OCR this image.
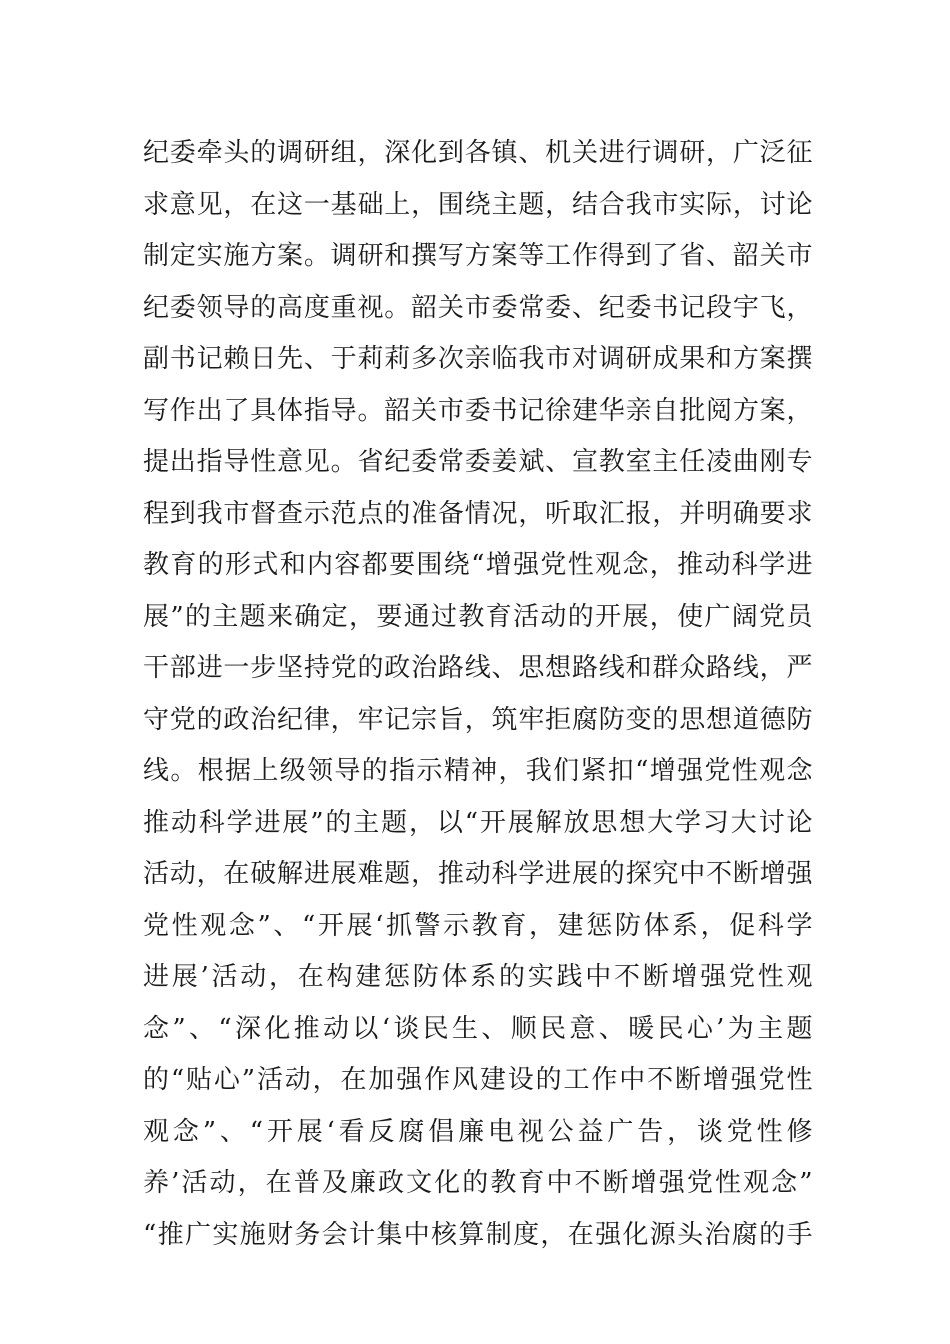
纪委牵头的调研组，深化到各镇、机关进行调研，广泛征
求意见，在这一基础上，围绕主题，结合我市实际，讨论
制定实施方案。调研和撰写方案等工作得到了省、韶关市
纪委领导的高度重视。韶关市委常委、纪委书记段宇飞，
副书记赖日先、于莉莉多次亲临我市对调研成果和方案撰
写作出了具体指导。韶关市委书记徐建华亲自批阅方案，
提出指导性意见。省纪委常委姜斌、宣教室主任凌曲刚专
程到我市督查示范点的准备情况，听取汇报，并明确要求
教育的形式和内容都要围绕“增强党性观念，推动科学进
展”的主题来确定，要通过教育活动的开展，使广阔党员
干部进一步坚持党的政治路线、思想路线和群众路线，严
守党的政治纪律，牢记宗旨，筑牢拒腐防变的思想道德防
线。根据上级领导的指示精神，我们紧扣“增强党性观念
推动科学进展”的主题，以“开展解放思想大学习大讨论
活动，在破解进展难题，推动科学进展的探究中不断增强
党性观念”、“开展‘抓警示教育，建惩防体系，促科学
进展’活动，在构建惩防体系的实践中不断增强党性观
念”、“深化推动以‘谈民生、顺民意、暖民心’为主题
的“贴心”活动，在加强作风建设的工作中不断增强党性
观念”、“开展‘看反腐倡廉电视公益广告，谈党性修
养’活动，在普及廉政文化的教育中不断增强党性观念”
“推广实施财务会计集中核算制度，在强化源头治腐的手
